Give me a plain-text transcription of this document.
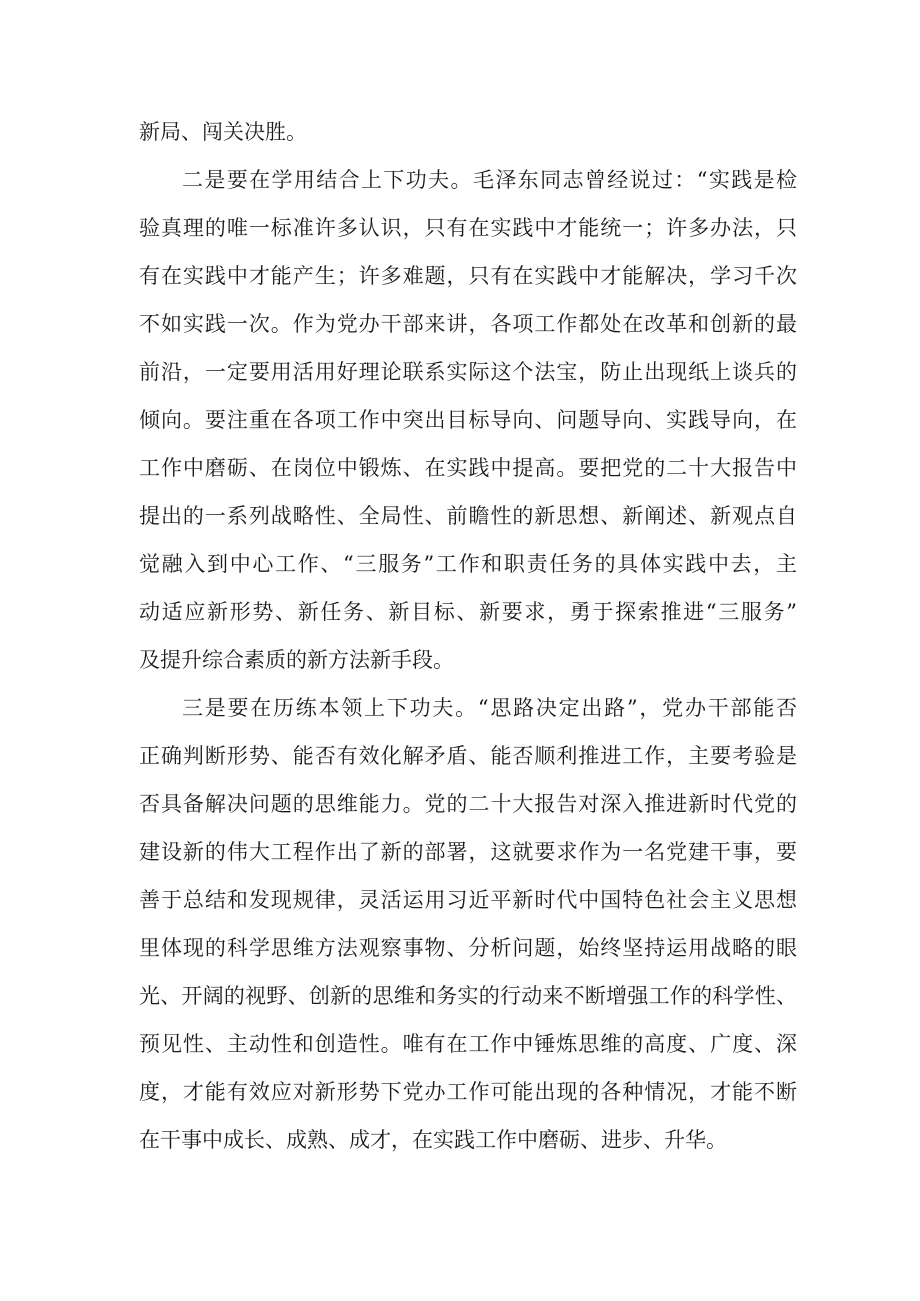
新局、闯关决胜。
二是要在学用结合上下功夫。毛泽东同志曾经说过：“实践是检
验真理的唯一标准许多认识，只有在实践中才能统一；许多办法，只
有在实践中才能产生；许多难题，只有在实践中才能解决，学习千次
不如实践一次。作为党办干部来讲，各项工作都处在改革和创新的最
前沿，一定要用活用好理论联系实际这个法宝，防止出现纸上谈兵的
倾向。要注重在各项工作中突出目标导向、问题导向、实践导向，在
工作中磨砺、在岗位中锻炼、在实践中提高。要把党的二十大报告中
提出的一系列战略性、全局性、前瞻性的新思想、新阐述、新观点自
觉融入到中心工作、“三服务”工作和职责任务的具体实践中去，主
动适应新形势、新任务、新目标、新要求，勇于探索推进“三服务”
及提升综合素质的新方法新手段。
三是要在历练本领上下功夫。“思路决定出路”，党办干部能否
正确判断形势、能否有效化解矛盾、能否顺利推进工作，主要考验是
否具备解决问题的思维能力。党的二十大报告对深入推进新时代党的
建设新的伟大工程作出了新的部署，这就要求作为一名党建干事，要
善于总结和发现规律，灵活运用习近平新时代中国特色社会主义思想
里体现的科学思维方法观察事物、分析问题，始终坚持运用战略的眼
光、开阔的视野、创新的思维和务实的行动来不断增强工作的科学性、
预见性、主动性和创造性。唯有在工作中锤炼思维的高度、广度、深
度，才能有效应对新形势下党办工作可能出现的各种情况，才能不断
在干事中成长、成熟、成才，在实践工作中磨砺、进步、升华。
